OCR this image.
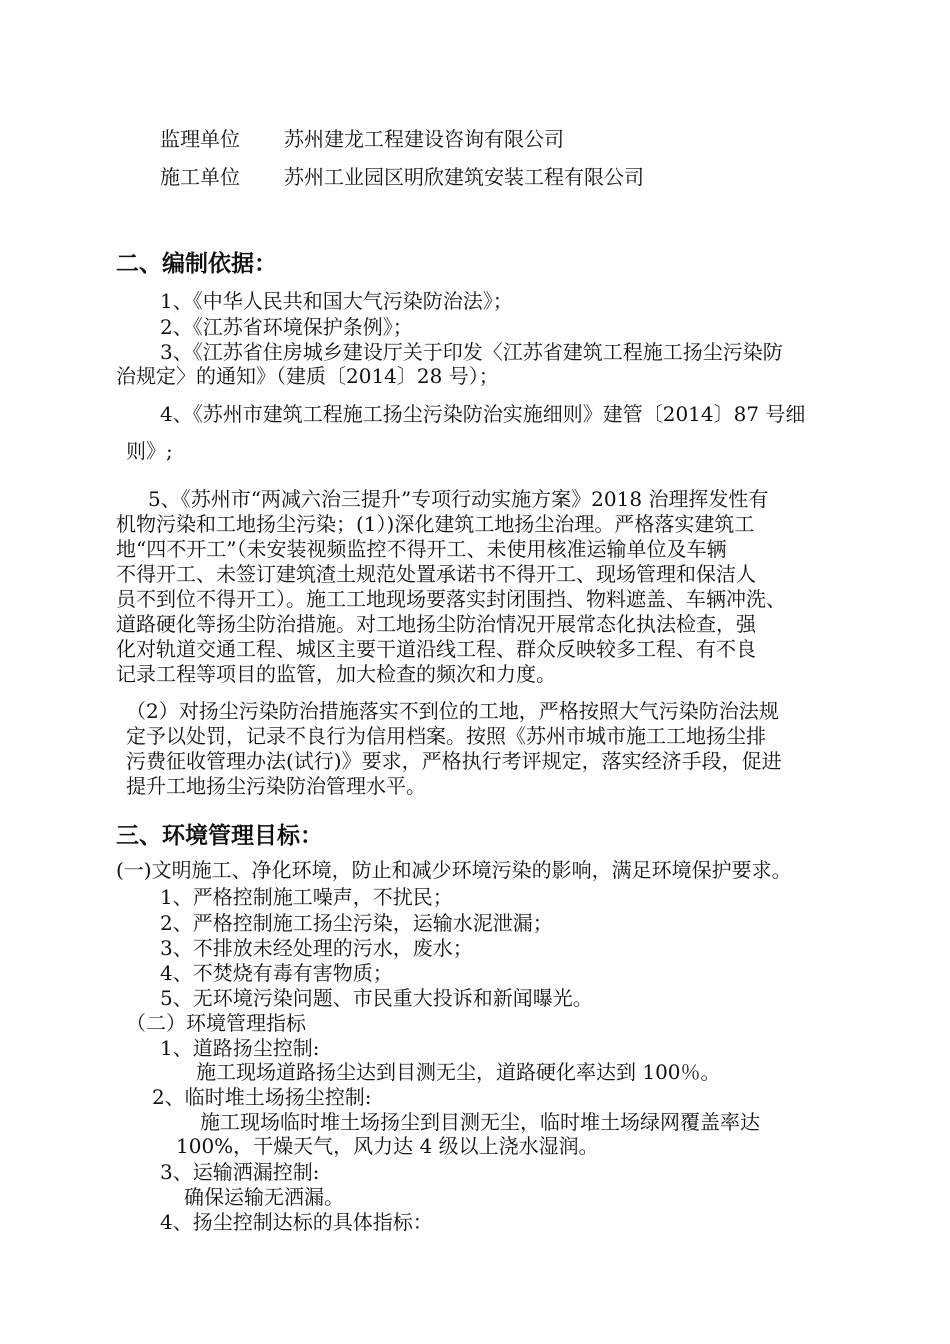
监理单位 苏州建龙工程建设咨询有限公司
施工单位 苏州工业园区明欣建筑安装工程有限公司
二、编制依据：
1、《中华人民共和国大气污染防治法》；
2、《江苏省环境保护条例》；
3、《江苏省住房城乡建设厅关于印发〈江苏省建筑工程施工扬尘污染防
治规定〉的通知》（建质〔2014〕28 号）；
4、《苏州市建筑工程施工扬尘污染防治实施细则》建管〔2014〕87 号细
则》;
5、《苏州市“两减六治三提升”专项行动实施方案》2018 治理挥发性有
机物污染和工地扬尘污染；(1）)深化建筑工地扬尘治理。严格落实建筑工
地“四不开工”（未安装视频监控不得开工、未使用核准运输单位及车辆
不得开工、未签订建筑渣土规范处置承诺书不得开工、现场管理和保洁人
员不到位不得开工）。施工工地现场要落实封闭围挡、物料遮盖、车辆冲洗、
道路硬化等扬尘防治措施。对工地扬尘防治情况开展常态化执法检查，强
化对轨道交通工程、城区主要干道沿线工程、群众反映较多工程、有不良
记录工程等项目的监管，加大检查的频次和力度。
（2）对扬尘污染防治措施落实不到位的工地，严格按照大气污染防治法规
定予以处罚，记录不良行为信用档案。按照《苏州市城市施工工地扬尘排
污费征收管理办法(试行)》要求，严格执行考评规定，落实经济手段，促进
提升工地扬尘污染防治管理水平。
三、环境管理目标：
(一)文明施工、净化环境，防止和减少环境污染的影响，满足环境保护要求。
1、严格控制施工噪声，不扰民；
2、严格控制施工扬尘污染，运输水泥泄漏；
3、不排放未经处理的污水，废水；
4、不焚烧有毒有害物质；
5、无环境污染问题、市民重大投诉和新闻曝光。
（二）环境管理指标
1、道路扬尘控制:
施工现场道路扬尘达到目测无尘，道路硬化率达到 100％。
2、临时堆土场扬尘控制:
施工现场临时堆土场扬尘到目测无尘，临时堆土场绿网覆盖率达
100%，干燥天气，风力达 4 级以上浇水湿润。
3、运输洒漏控制:
确保运输无洒漏。
4、扬尘控制达标的具体指标：
